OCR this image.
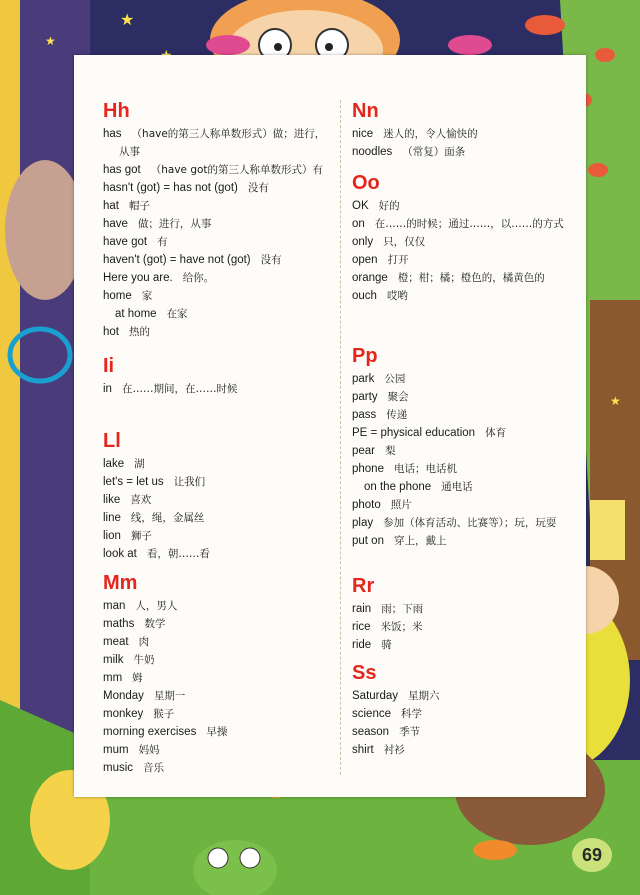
★
★
★
Hh
has （have的第三人称单数形式）做；进行，从事
has got （have got的第三人称单数形式）有
hasn't (got) = has not (got) 没有
hat 帽子
have 做；进行，从事
have got 有
haven't (got) = have not (got) 没有
Here you are. 给你。
home 家
at home 在家
hot 热的
Ii
in 在……期间，在……时候
Ll
lake 湖
let's = let us 让我们
like 喜欢
line 线，绳，金属丝
lion 狮子
look at 看，朝……看
Mm
man 人，男人
maths 数学
meat 肉
milk 牛奶
mm 姆
Monday 星期一
monkey 猴子
morning exercises 早操
mum 妈妈
music 音乐
Nn
nice 迷人的，令人愉快的
noodles （常复）面条
Oo
OK 好的
on 在……的时候；通过……，以……的方式
only 只，仅仅
open 打开
orange 橙；柑；橘；橙色的，橘黄色的
ouch 哎哟
Pp
park 公园
party 聚会
pass 传递
PE = physical education 体育
pear 梨
phone 电话；电话机
on the phone 通电话
photo 照片
play 参加（体育活动、比赛等）；玩，玩耍
put on 穿上，戴上
Rr
rain 雨；下雨
rice 米饭；米
ride 骑
Ss
Saturday 星期六
science 科学
season 季节
shirt 衬衫
69
